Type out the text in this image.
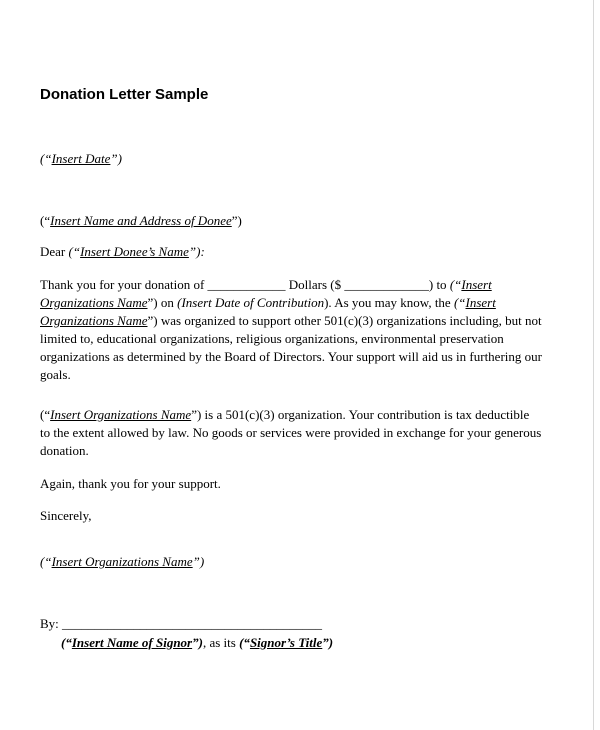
Donation Letter Sample
(“Insert Date”)
(“Insert Name and Address of Donee”)
Dear (“Insert Donee’s Name”):
Thank you for your donation of ____________ Dollars ($ _____________) to (“Insert
Organizations Name”) on (Insert Date of Contribution). As you may know, the (“Insert
Organizations Name”) was organized to support other 501(c)(3) organizations including, but not
limited to, educational organizations, religious organizations, environmental preservation
organizations as determined by the Board of Directors. Your support will aid us in furthering our
goals.
(“Insert Organizations Name”) is a 501(c)(3) organization. Your contribution is tax deductible
to the extent allowed by law. No goods or services were provided in exchange for your generous
donation.
Again, thank you for your support.
Sincerely,
(“Insert Organizations Name”)
By: ________________________________________
(“Insert Name of Signor”), as its (“Signor’s Title”)
